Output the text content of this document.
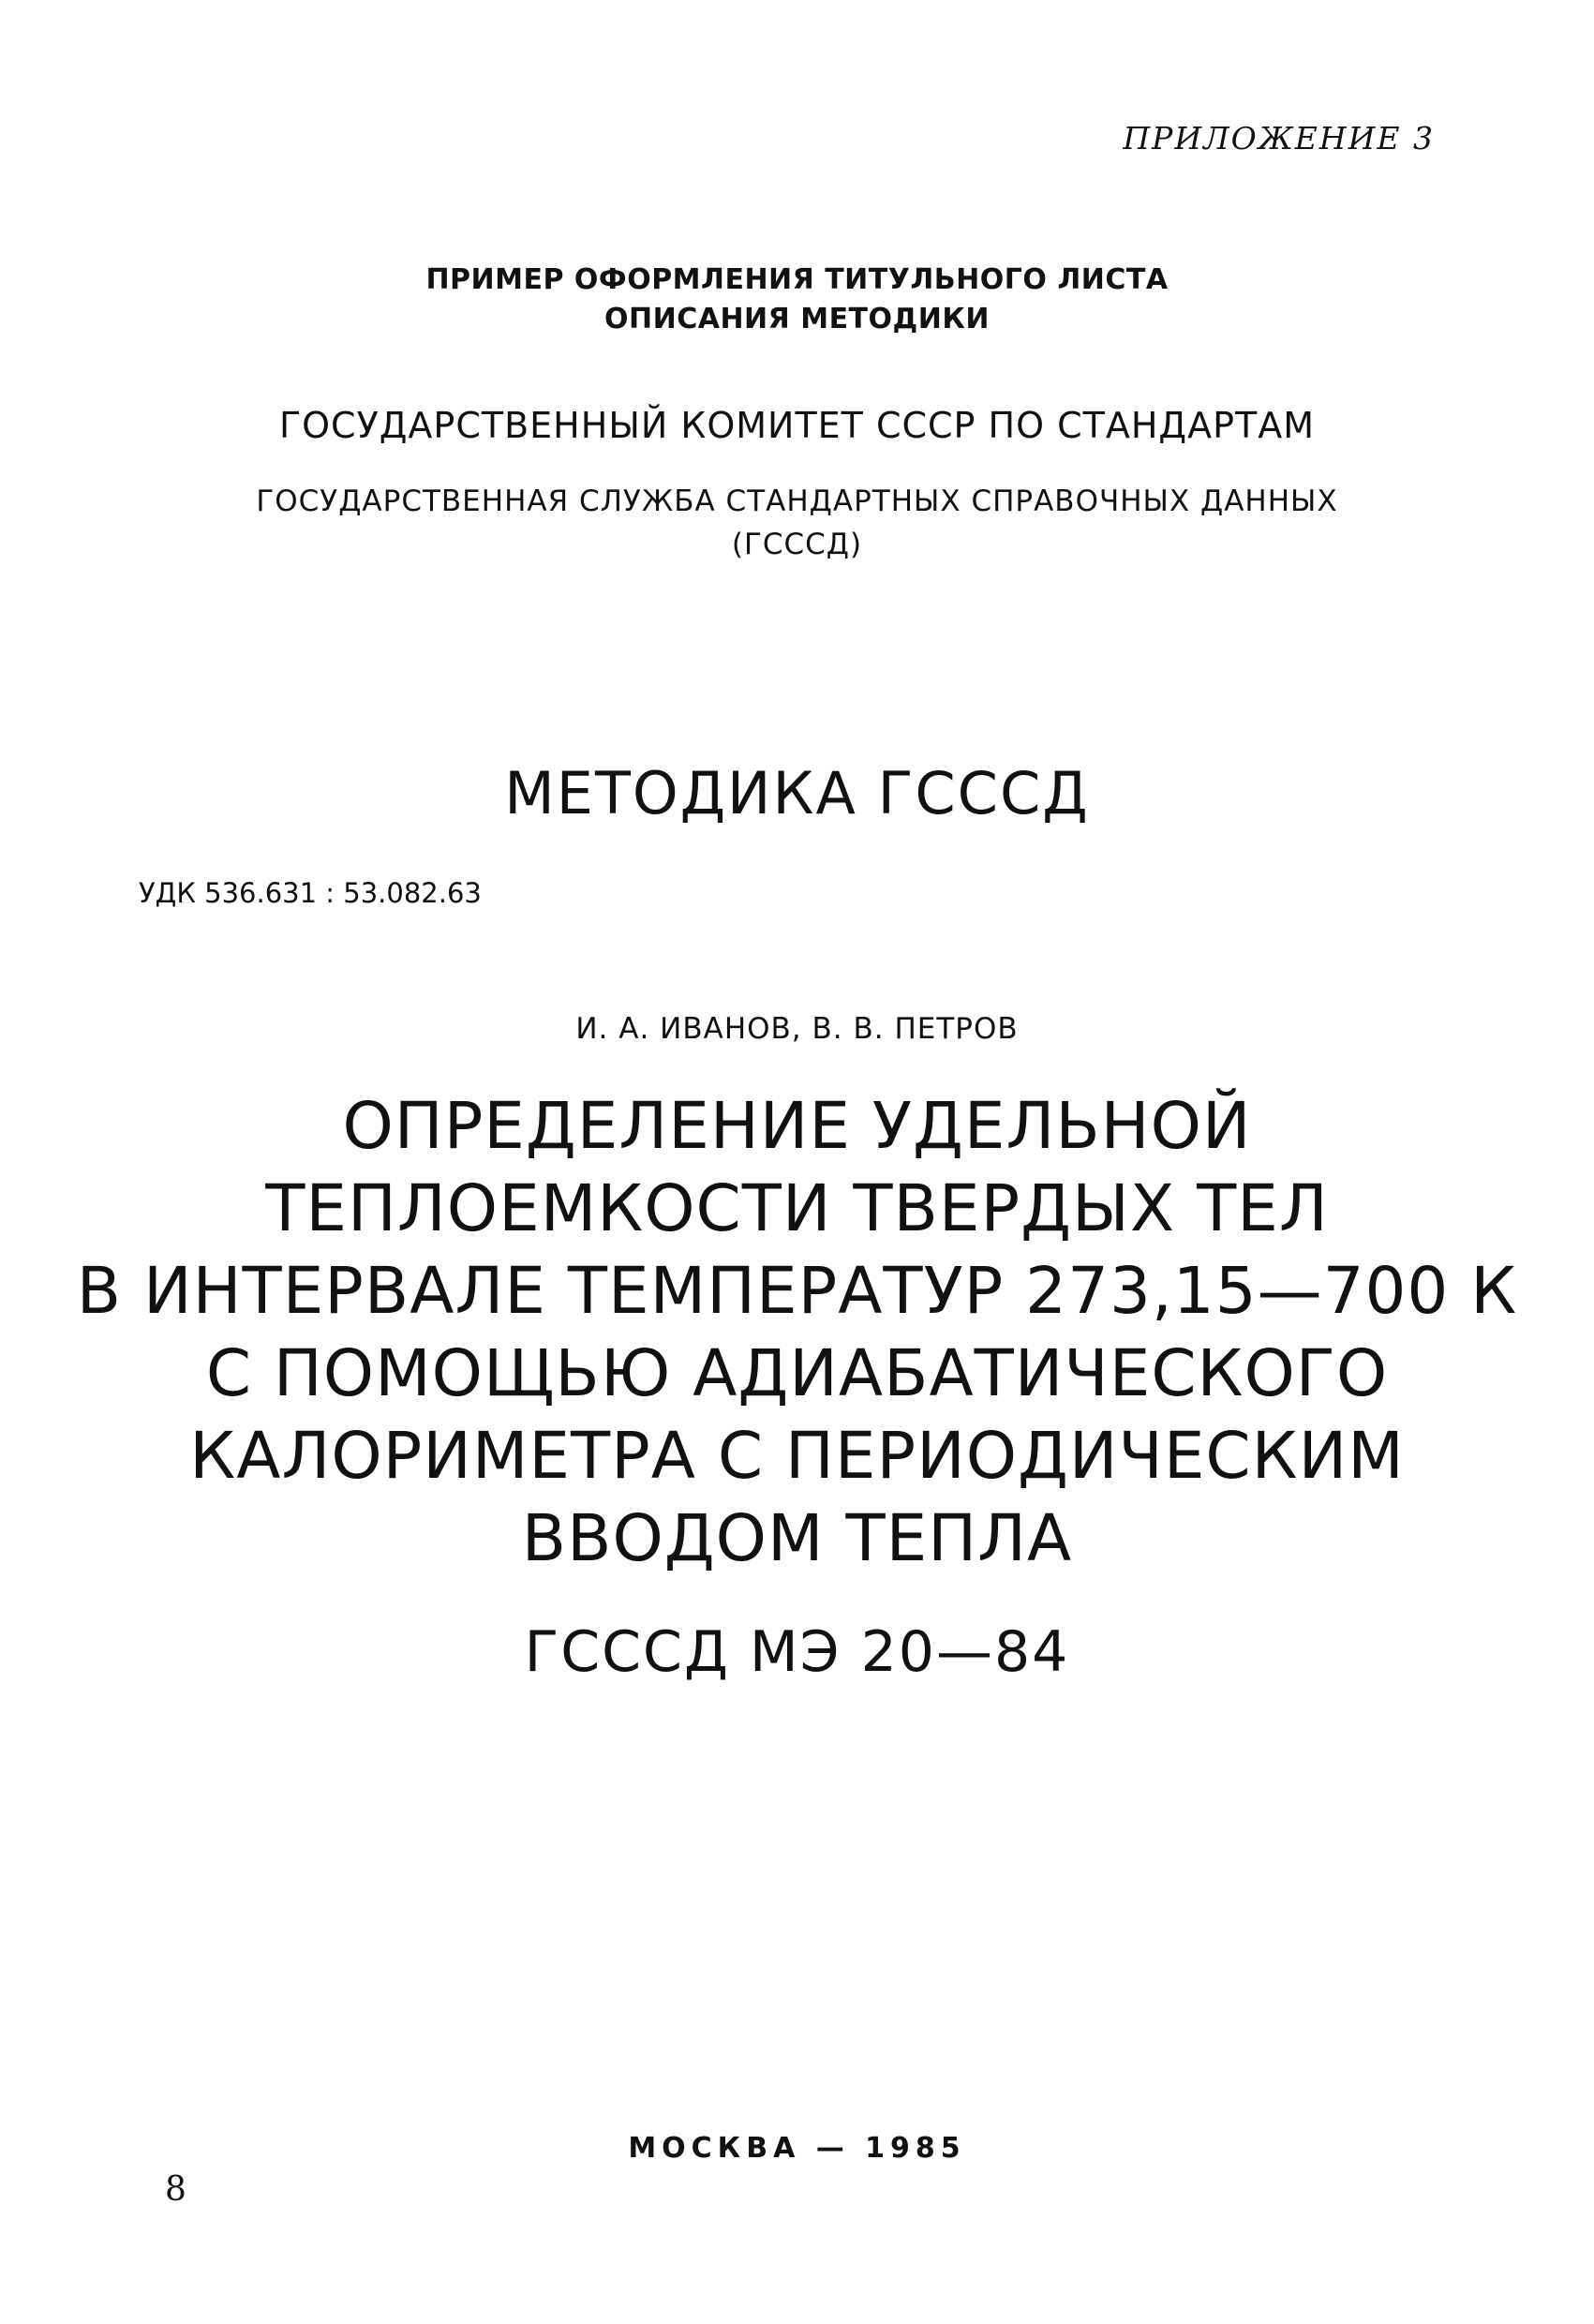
ПРИЛОЖЕНИЕ 3
ПРИМЕР ОФОРМЛЕНИЯ ТИТУЛЬНОГО ЛИСТА
ОПИСАНИЯ МЕТОДИКИ
ГОСУДАРСТВЕННЫЙ КОМИТЕТ СССР ПО СТАНДАРТАМ
ГОСУДАРСТВЕННАЯ СЛУЖБА СТАНДАРТНЫХ СПРАВОЧНЫХ ДАННЫХ
(ГСССД)
МЕТОДИКА ГСССД
УДК 536.631 : 53.082.63
И. А. ИВАНОВ, В. В. ПЕТРОВ
ОПРЕДЕЛЕНИЕ УДЕЛЬНОЙ
ТЕПЛОЕМКОСТИ ТВЕРДЫХ ТЕЛ
В ИНТЕРВАЛЕ ТЕМПЕРАТУР 273,15—700 К
С ПОМОЩЬЮ АДИАБАТИЧЕСКОГО
КАЛОРИМЕТРА С ПЕРИОДИЧЕСКИМ
ВВОДОМ ТЕПЛА
ГСССД МЭ 20—84
МОСКВА — 1985
8
